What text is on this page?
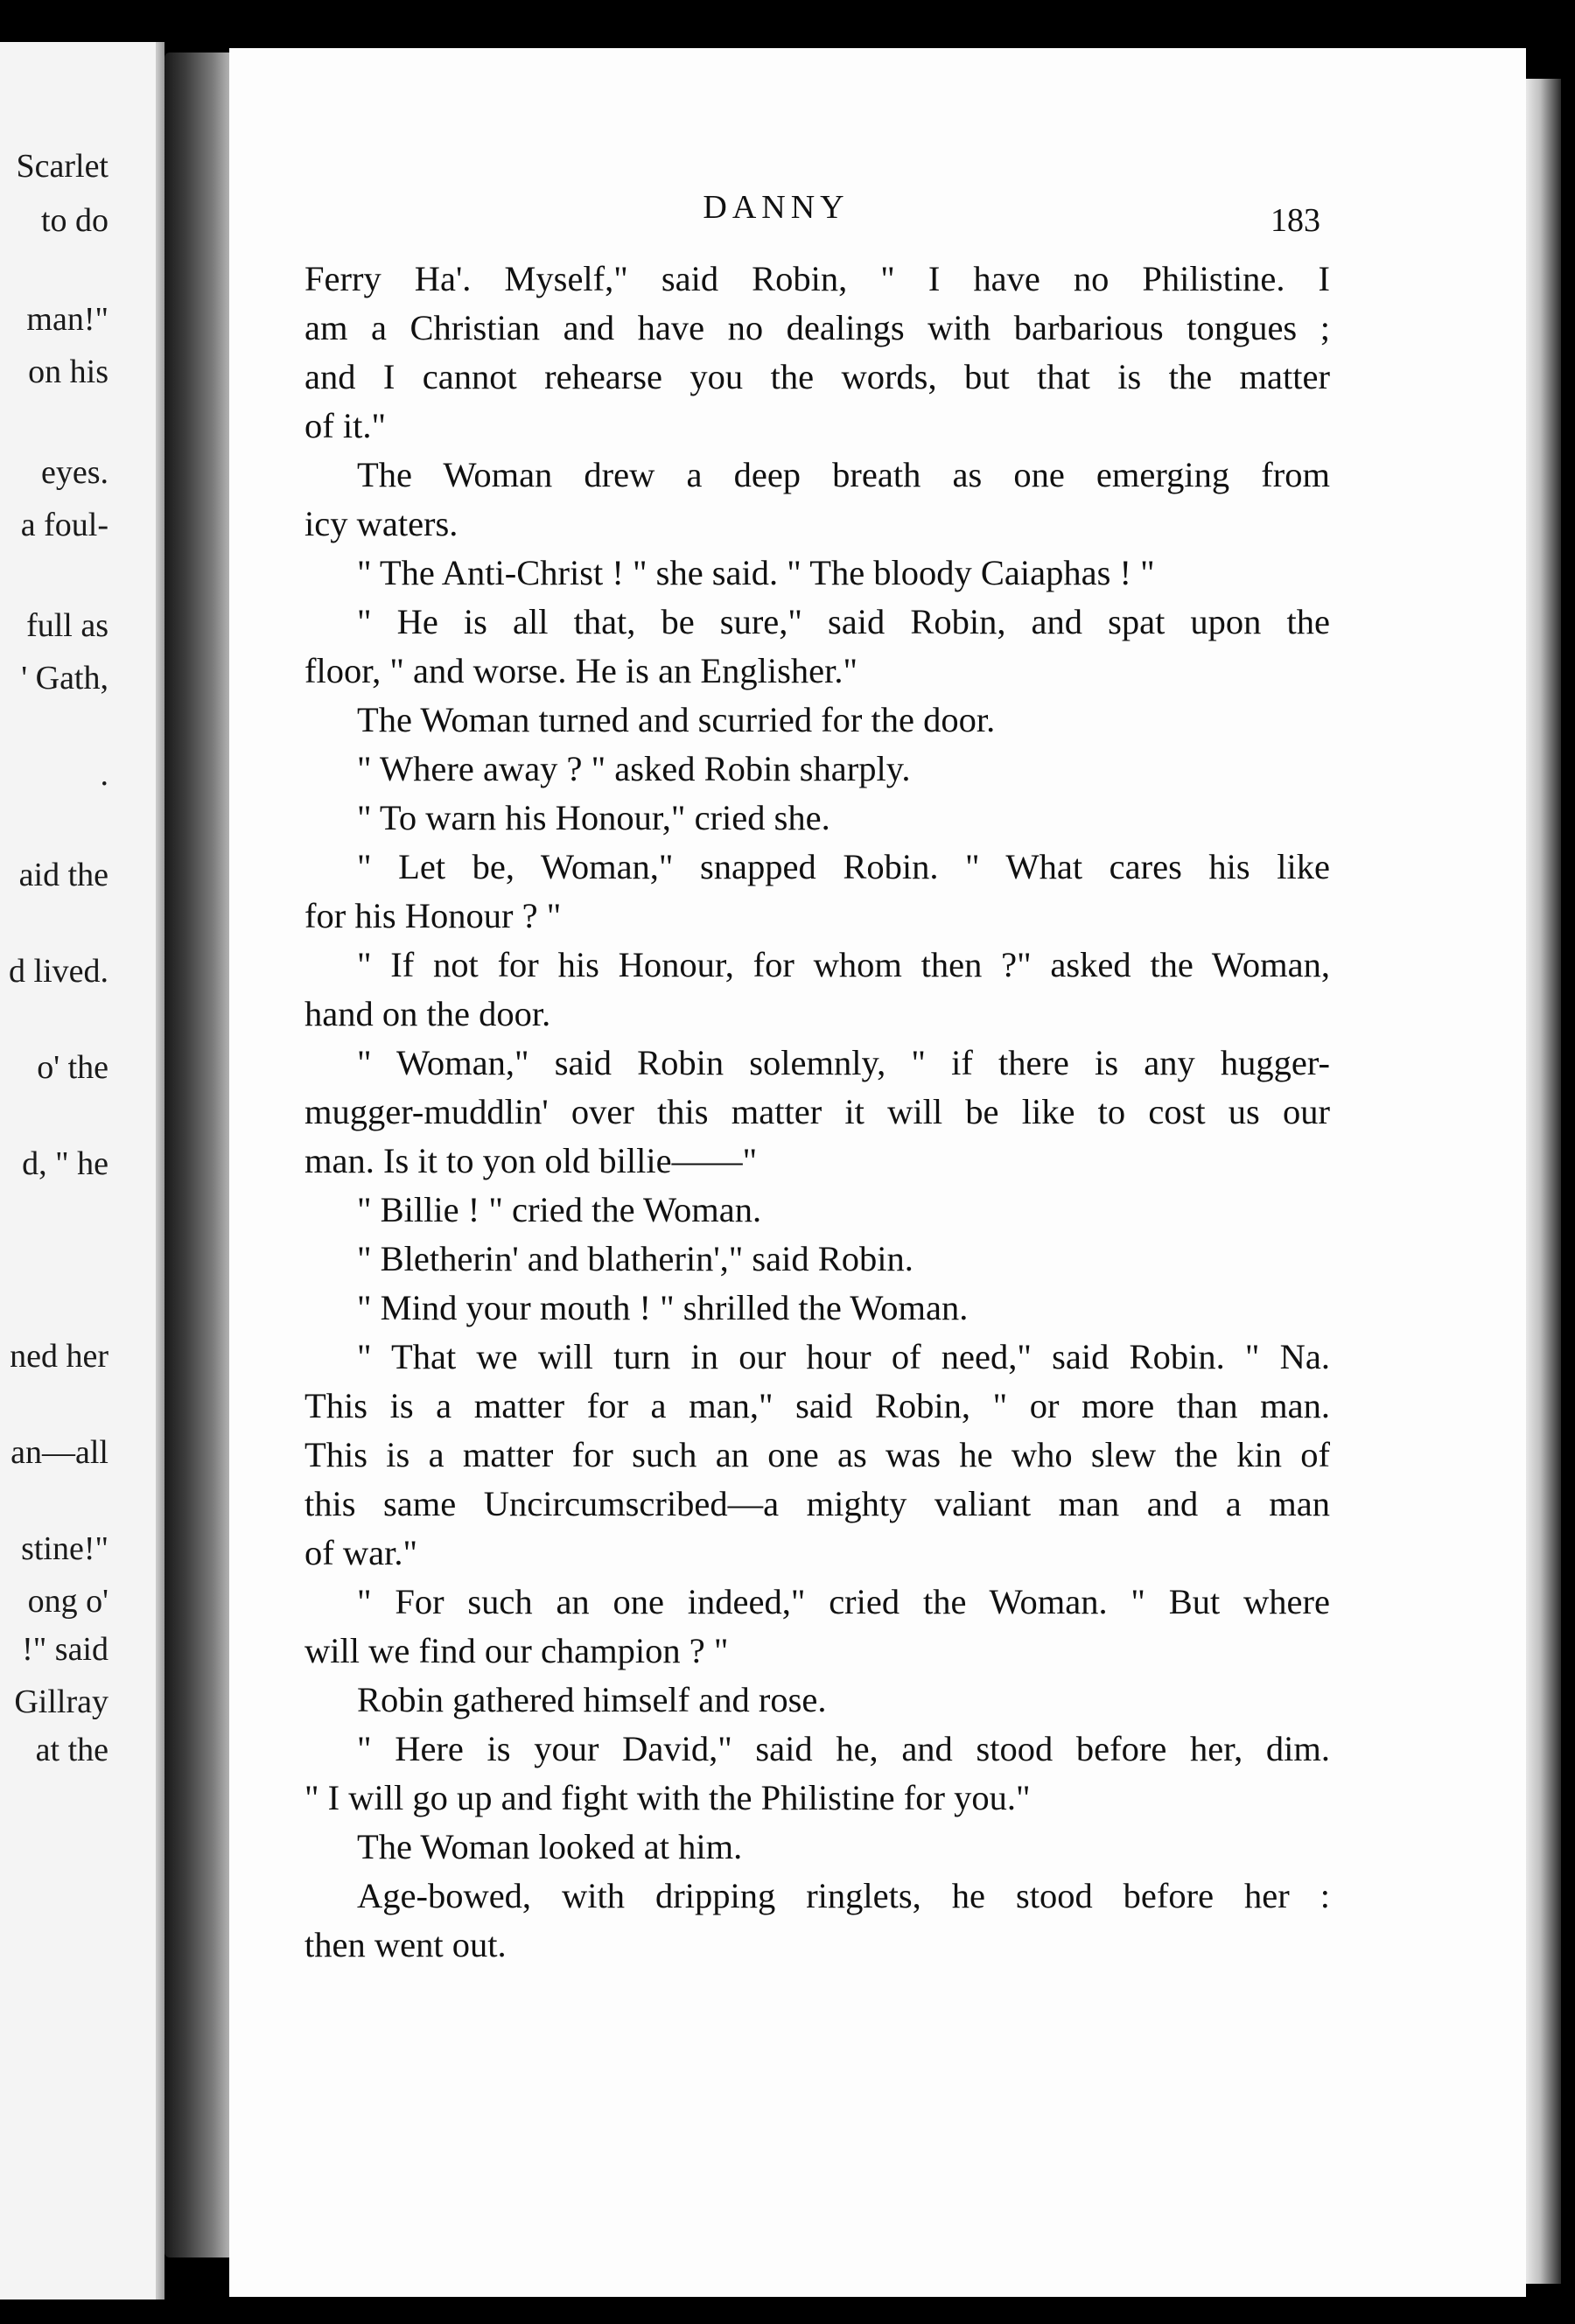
Scarlet
to do
man!"
on his
eyes.
a foul-
full as
' Gath,
.
aid the
d lived.
o' the
d, " he
ned her
an—all
stine!"
ong o'
!" said
Gillray
at the
DANNY	183
Ferry Ha'. Myself," said Robin, " I have no Philistine. I
am a Christian and have no dealings with barbarious tongues ;
and I cannot rehearse you the words, but that is the matter
of it."
The Woman drew a deep breath as one emerging from
icy waters.
" The Anti-Christ ! " she said. " The bloody Caiaphas ! "
" He is all that, be sure," said Robin, and spat upon the
floor, " and worse. He is an Englisher."
The Woman turned and scurried for the door.
" Where away ? " asked Robin sharply.
" To warn his Honour," cried she.
" Let be, Woman," snapped Robin. " What cares his like
for his Honour ? "
" If not for his Honour, for whom then ?" asked the Woman,
hand on the door.
" Woman," said Robin solemnly, " if there is any hugger-
mugger-muddlin' over this matter it will be like to cost us our
man. Is it to yon old billie——"
" Billie ! " cried the Woman.
" Bletherin' and blatherin'," said Robin.
" Mind your mouth ! " shrilled the Woman.
" That we will turn in our hour of need," said Robin. " Na.
This is a matter for a man," said Robin, " or more than man.
This is a matter for such an one as was he who slew the kin of
this same Uncircumscribed—a mighty valiant man and a man
of war."
" For such an one indeed," cried the Woman. " But where
will we find our champion ? "
Robin gathered himself and rose.
" Here is your David," said he, and stood before her, dim.
" I will go up and fight with the Philistine for you."
The Woman looked at him.
Age-bowed, with dripping ringlets, he stood before her :
then went out.
